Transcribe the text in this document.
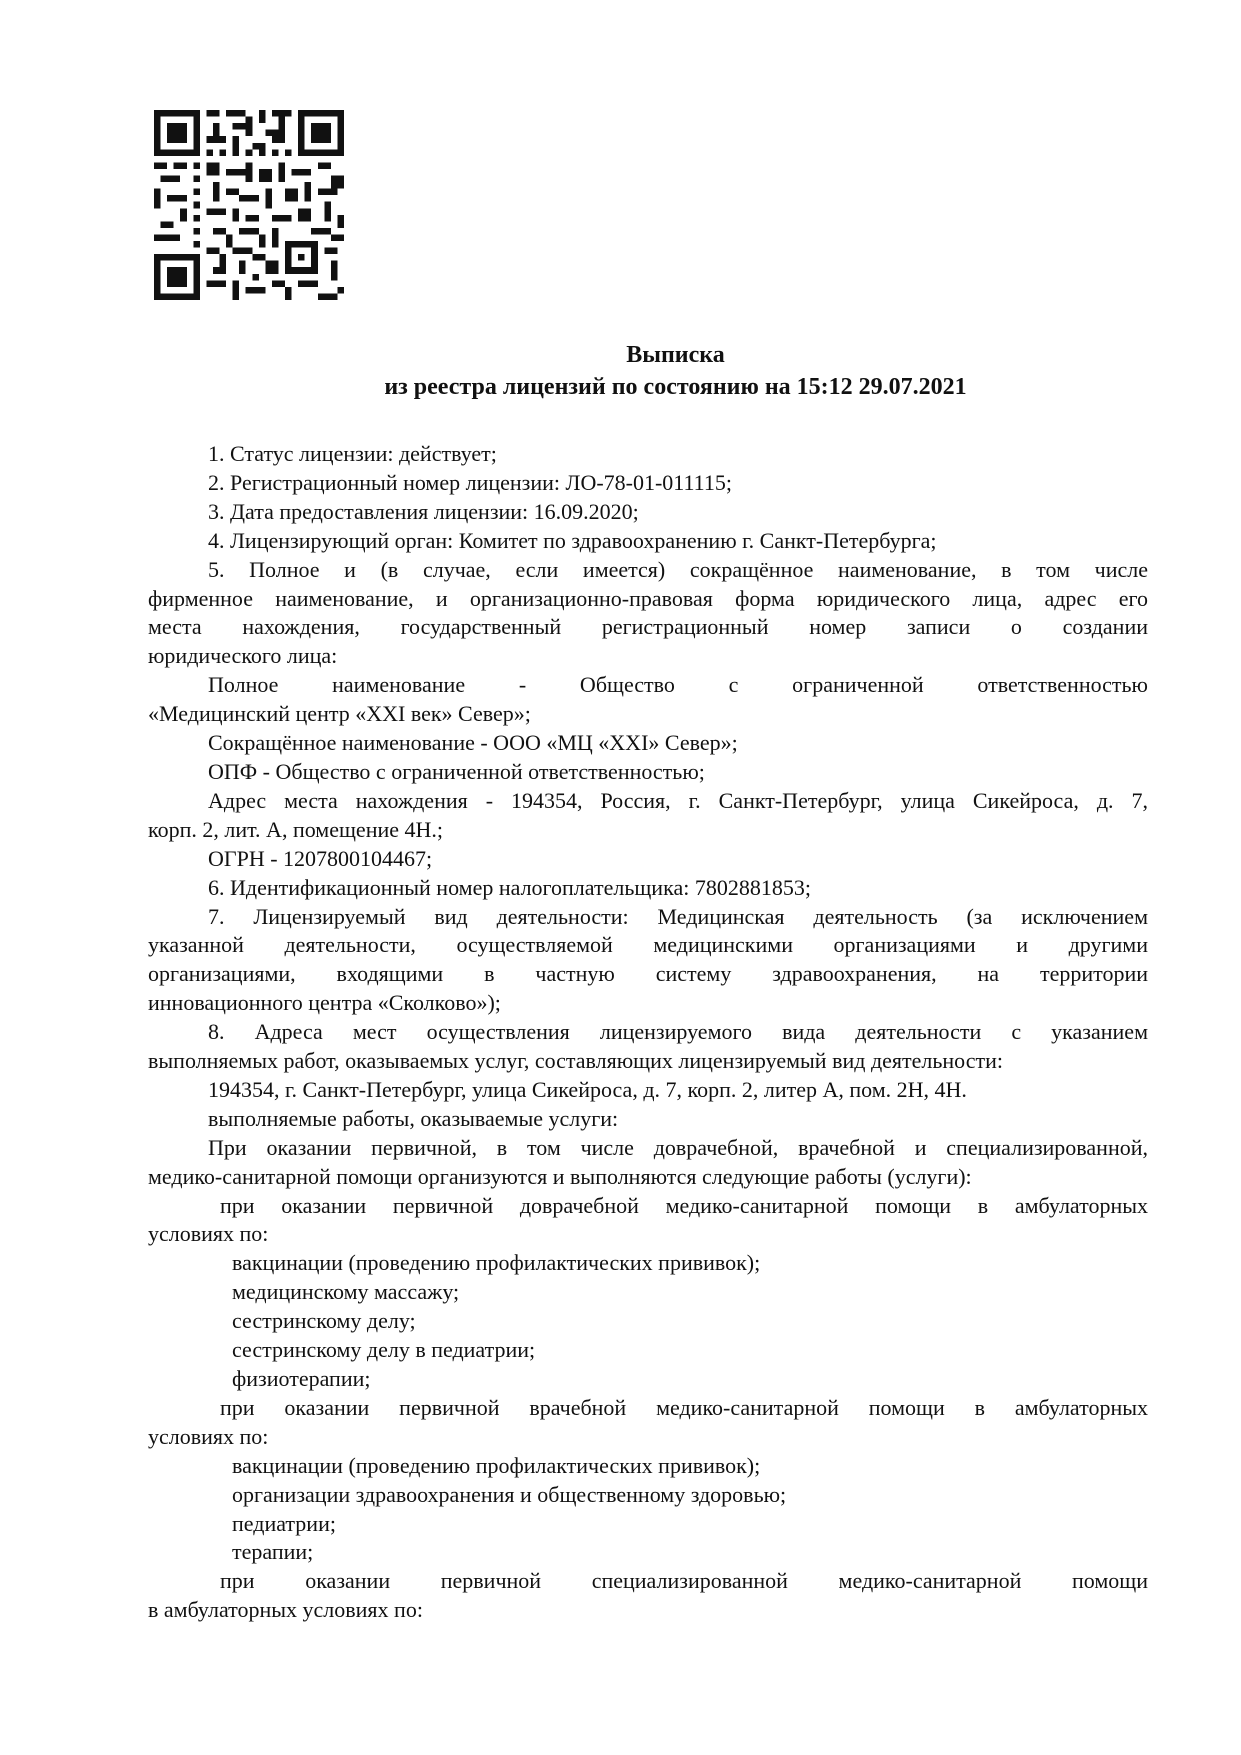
Выписка
из реестра лицензий по состоянию на 15:12 29.07.2021

1. Статус лицензии: действует;

2. Регистрационный номер лицензии: ЛО-78-01-011115;

3. Дата предоставления лицензии: 16.09.2020;

4. Лицензирующий орган: Комитет по здравоохранению г. Санкт-Петербурга;

5. Полное и (в случае, если имеется) сокращённое наименование, в том числе
фирменное наименование, и организационно-правовая форма юридического лица, адрес его
места нахождения, государственный регистрационный номер записи о создании
юридического лица:
Полное наименование - Общество с ограниченной ответственностью
«Медицинский центр «XXI век» Север»;

Сокращённое наименование - ООО «МЦ «XXI» Север»;

ОПФ - Общество с ограниченной ответственностью;

Адрес места нахождения - 194354, Россия, г. Санкт-Петербург, улица Сикейроса, д. 7,
корп. 2, лит. А, помещение 4Н.;

ОГРН - 1207800104467;

6. Идентификационный номер налогоплательщика: 7802881853;

7. Лицензируемый вид деятельности: Медицинская деятельность (за исключением
указанной деятельности, осуществляемой медицинскими организациями и другими
организациями, входящими в частную систему здравоохранения, на территории
инновационного центра «Сколково»);
8. Адреса мест осуществления лицензируемого вида деятельности с указанием
выполняемых работ, оказываемых услуг, составляющих лицензируемый вид деятельности:

194354, г. Санкт-Петербург, улица Сикейроса, д. 7, корп. 2, литер А, пом. 2Н, 4Н.

выполняемые работы, оказываемые услуги:

При оказании первичной, в том числе доврачебной, врачебной и специализированной,
медико-санитарной помощи организуются и выполняются следующие работы (услуги):
при оказании первичной доврачебной медико-санитарной помощи в амбулаторных
условиях по:

вакцинации (проведению профилактических прививок);

медицинскому массажу;

сестринскому делу;

сестринскому делу в педиатрии;

физиотерапии;

при оказании первичной врачебной медико-санитарной помощи в амбулаторных
условиях по:

вакцинации (проведению профилактических прививок);

организации здравоохранения и общественному здоровью;

педиатрии;

терапии;

при оказании первичной специализированной медико-санитарной помощи
в амбулаторных условиях по:
